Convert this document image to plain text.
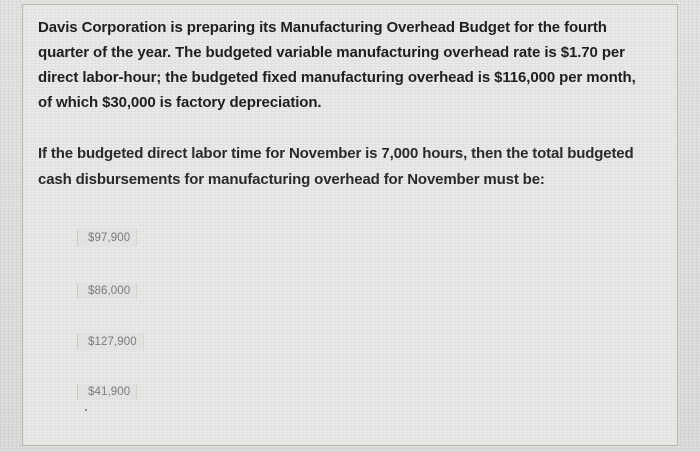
Davis Corporation is preparing its Manufacturing Overhead Budget for the fourth
quarter of the year. The budgeted variable manufacturing overhead rate is $1.70 per
direct labor-hour; the budgeted fixed manufacturing overhead is $116,000 per month,
of which $30,000 is factory depreciation.
If the budgeted direct labor time for November is 7,000 hours, then the total budgeted
cash disbursements for manufacturing overhead for November must be:
$97,900
$86,000
$127,900
$41,900
